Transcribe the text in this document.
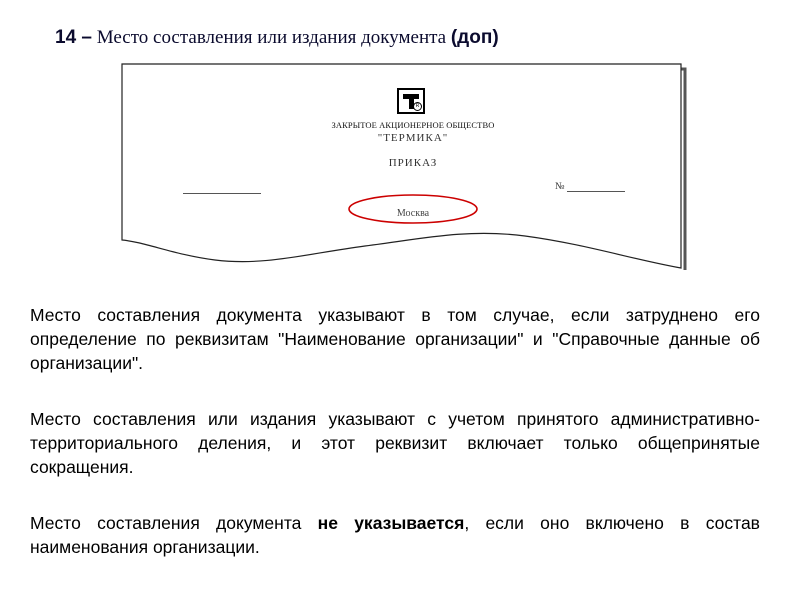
14 – Место составления или издания документа (доп)
R
ЗАКРЫТОЕ АКЦИОНЕРНОЕ ОБЩЕСТВО
"ТЕРМИКА"
ПРИКАЗ
№
Москва
Место составления документа указывают в том случае, если затруднено его определение по реквизитам "Наименование организации" и "Справочные данные об организации".
Место составления или издания указывают с учетом принятого административно-территориального деления, и этот реквизит включает только общепринятые сокращения.
Место составления документа не указывается, если оно включено в состав наименования организации.
